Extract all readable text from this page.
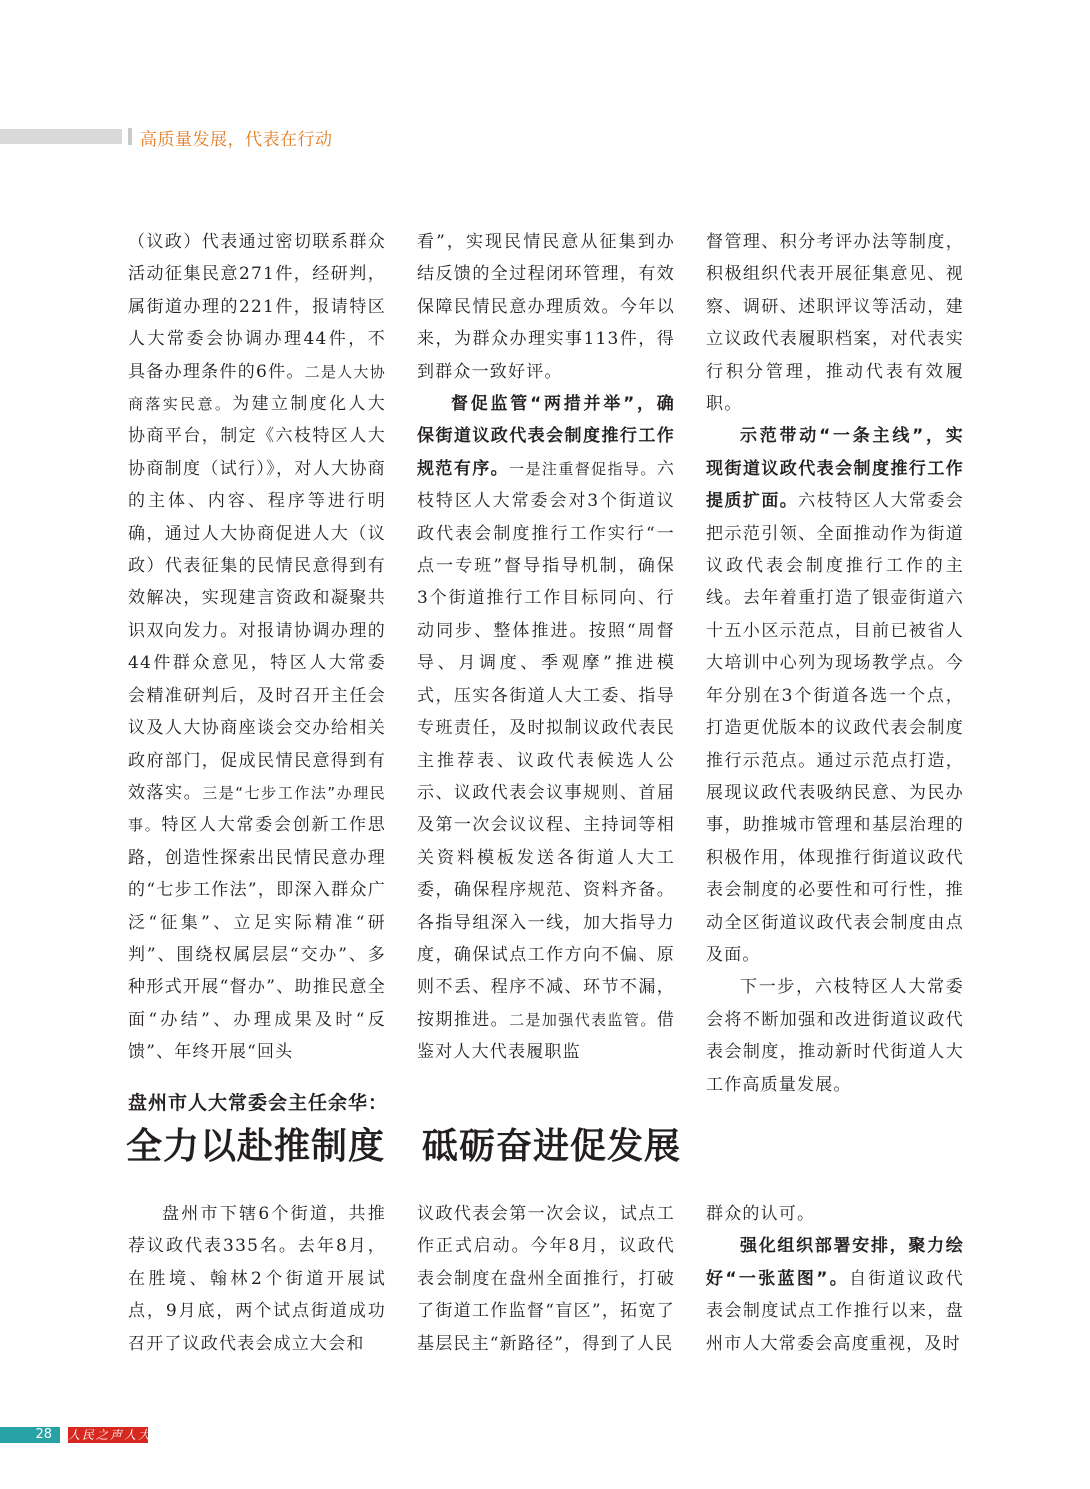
高质量发展，代表在行动

（议政）代表通过密切联系群众活动征集民意271件，经研判，属街道办理的221件，报请特区人大常委会协调办理44件，不具备办理条件的6件。二是人大协商落实民意。为建立制度化人大协商平台，制定《六枝特区人大协商制度（试行）》，对人大协商的主体、内容、程序等进行明确，通过人大协商促进人大（议政）代表征集的民情民意得到有效解决，实现建言资政和凝聚共识双向发力。对报请协调办理的44件群众意见，特区人大常委会精准研判后，及时召开主任会议及人大协商座谈会交办给相关政府部门，促成民情民意得到有效落实。三是“七步工作法”办理民事。特区人大常委会创新工作思路，创造性探索出民情民意办理的“七步工作法”，即深入群众广泛“征集”、立足实际精准“研判”、围绕权属层层“交办”、多种形式开展“督办”、助推民意全面“办结”、办理成果及时“反馈”、年终开展“回头

看”，实现民情民意从征集到办结反馈的全过程闭环管理，有效保障民情民意办理质效。今年以来，为群众办理实事113件，得到群众一致好评。

督促监管“两措并举”，确保街道议政代表会制度推行工作规范有序。一是注重督促指导。六枝特区人大常委会对3个街道议政代表会制度推行工作实行“一点一专班”督导指导机制，确保3个街道推行工作目标同向、行动同步、整体推进。按照“周督导、月调度、季观摩”推进模式，压实各街道人大工委、指导专班责任，及时拟制议政代表民主推荐表、议政代表候选人公示、议政代表会议事规则、首届及第一次会议议程、主持词等相关资料模板发送各街道人大工委，确保程序规范、资料齐备。各指导组深入一线，加大指导力度，确保试点工作方向不偏、原则不丢、程序不减、环节不漏，按期推进。二是加强代表监管。借鉴对人大代表履职监

督管理、积分考评办法等制度，积极组织代表开展征集意见、视察、调研、述职评议等活动，建立议政代表履职档案，对代表实行积分管理，推动代表有效履职。

示范带动“一条主线”，实现街道议政代表会制度推行工作提质扩面。六枝特区人大常委会把示范引领、全面推动作为街道议政代表会制度推行工作的主线。去年着重打造了银壶街道六十五小区示范点，目前已被省人大培训中心列为现场教学点。今年分别在3个街道各选一个点，打造更优版本的议政代表会制度推行示范点。通过示范点打造，展现议政代表吸纳民意、为民办事，助推城市管理和基层治理的积极作用，体现推行街道议政代表会制度的必要性和可行性，推动全区街道议政代表会制度由点及面。

下一步，六枝特区人大常委会将不断加强和改进街道议政代表会制度，推动新时代街道人大工作高质量发展。

盘州市人大常委会主任余华：
全力以赴推制度　砥砺奋进促发展

盘州市下辖6个街道，共推荐议政代表335名。去年8月，在胜境、翰林2个街道开展试点，9月底，两个试点街道成功召开了议政代表会成立大会和

议政代表会第一次会议，试点工作正式启动。今年8月，议政代表会制度在盘州全面推行，打破了街道工作监督“盲区”，拓宽了基层民主“新路径”，得到了人民

群众的认可。

强化组织部署安排，聚力绘好“一张蓝图”。自街道议政代表会制度试点工作推行以来，盘州市人大常委会高度重视，及时

28	人民之声人大
